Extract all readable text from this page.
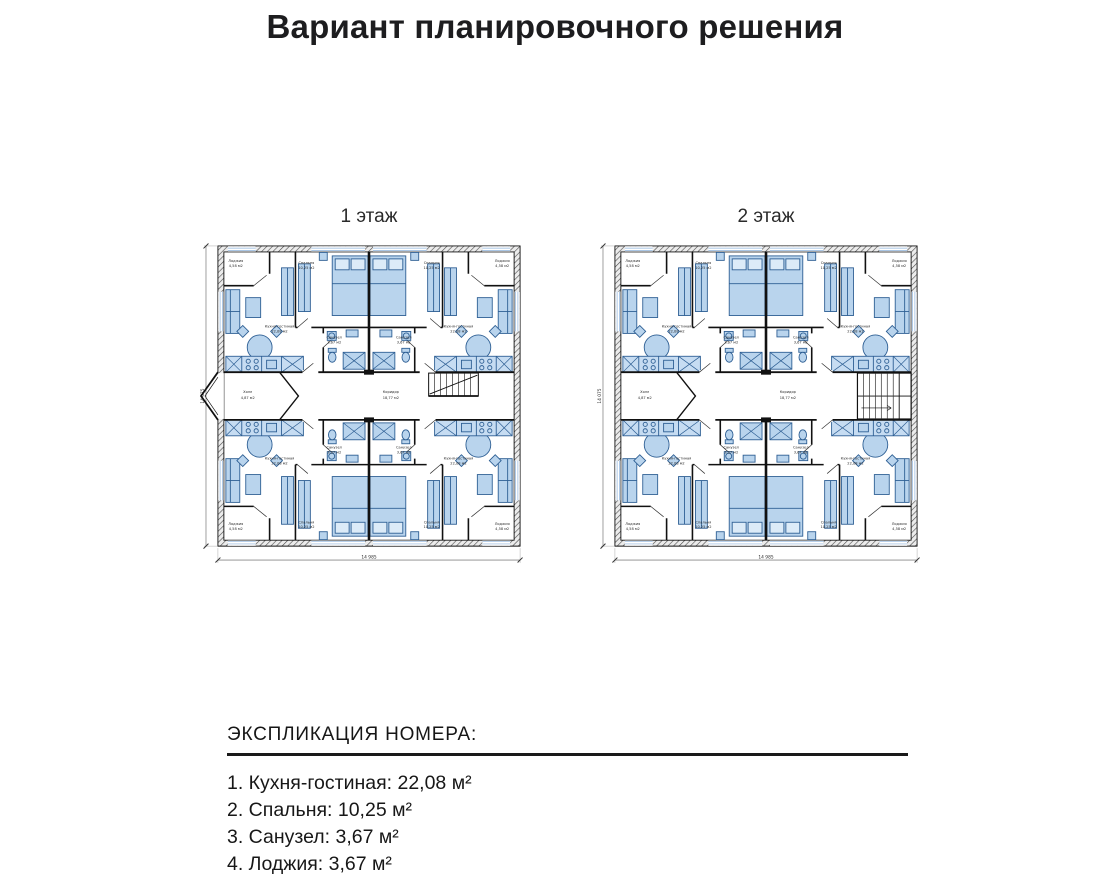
Вариант планировочного решения
1 этаж	2 этаж
ЭКСПЛИКАЦИЯ НОМЕРА:
1. Кухня-гостиная: 22,08 м²
2. Спальня: 10,25 м²
3. Санузел: 3,67 м²
4. Лоджия: 3,67 м²
